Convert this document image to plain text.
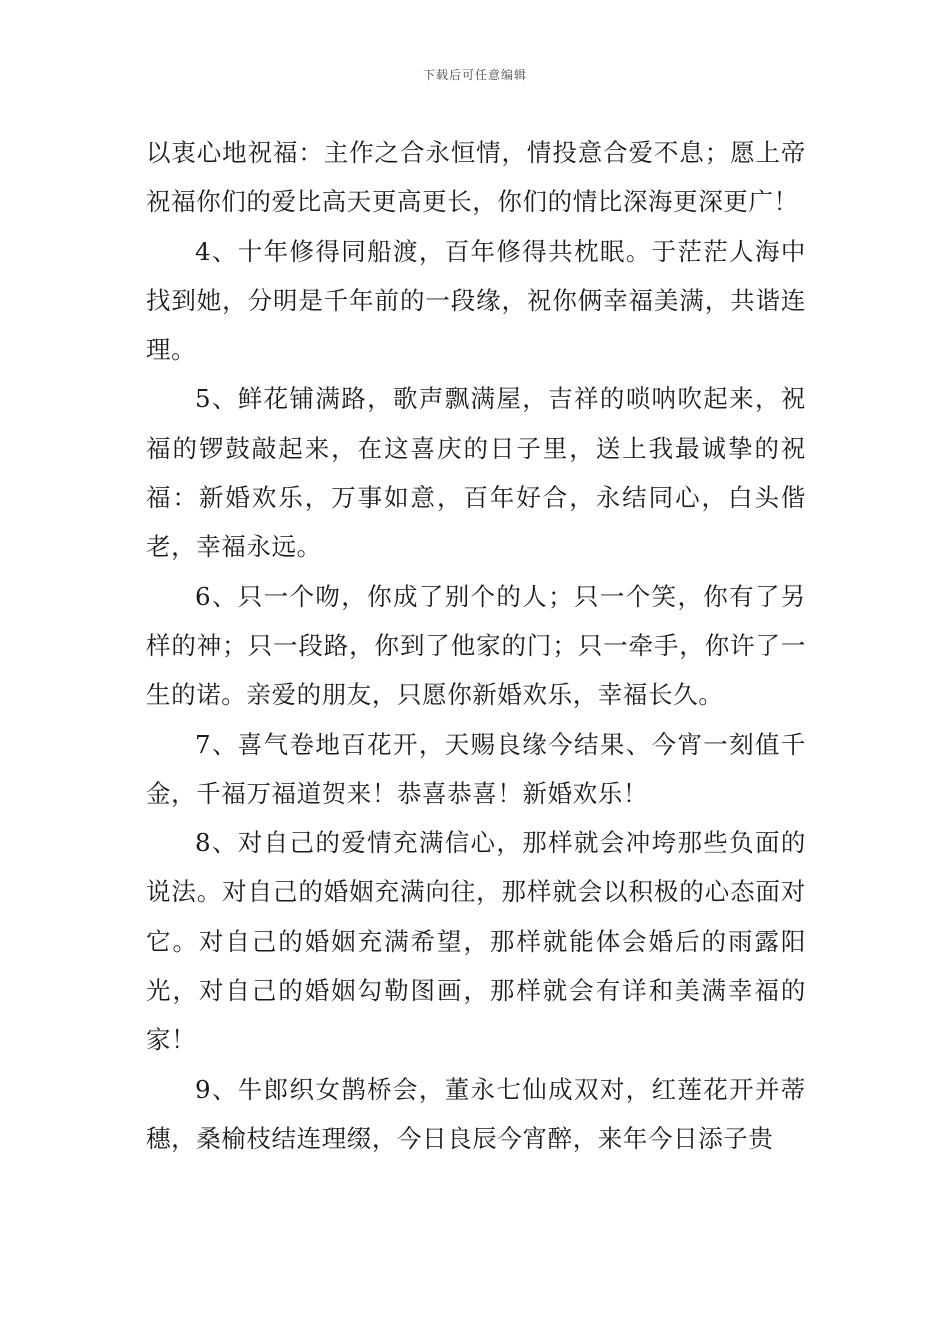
下载后可任意编辑

以衷心地祝福：主作之合永恒情，情投意合爱不息；愿上帝祝福你们的爱比高天更高更长，你们的情比深海更深更广！

4、十年修得同船渡，百年修得共枕眠。于茫茫人海中找到她，分明是千年前的一段缘，祝你俩幸福美满，共谐连理。

5、鲜花铺满路，歌声飘满屋，吉祥的唢呐吹起来，祝福的锣鼓敲起来，在这喜庆的日子里，送上我最诚挚的祝福：新婚欢乐，万事如意，百年好合，永结同心，白头偕老，幸福永远。

6、只一个吻，你成了别个的人；只一个笑，你有了另样的神；只一段路，你到了他家的门；只一牵手，你许了一生的诺。亲爱的朋友，只愿你新婚欢乐，幸福长久。

7、喜气卷地百花开，天赐良缘今结果、今宵一刻值千金，千福万福道贺来！恭喜恭喜！新婚欢乐！

8、对自己的爱情充满信心，那样就会冲垮那些负面的说法。对自己的婚姻充满向往，那样就会以积极的心态面对它。对自己的婚姻充满希望，那样就能体会婚后的雨露阳光，对自己的婚姻勾勒图画，那样就会有详和美满幸福的家！

9、牛郎织女鹊桥会，董永七仙成双对，红莲花开并蒂穗，桑榆枝结连理缀，今日良辰今宵醉，来年今日添子贵
